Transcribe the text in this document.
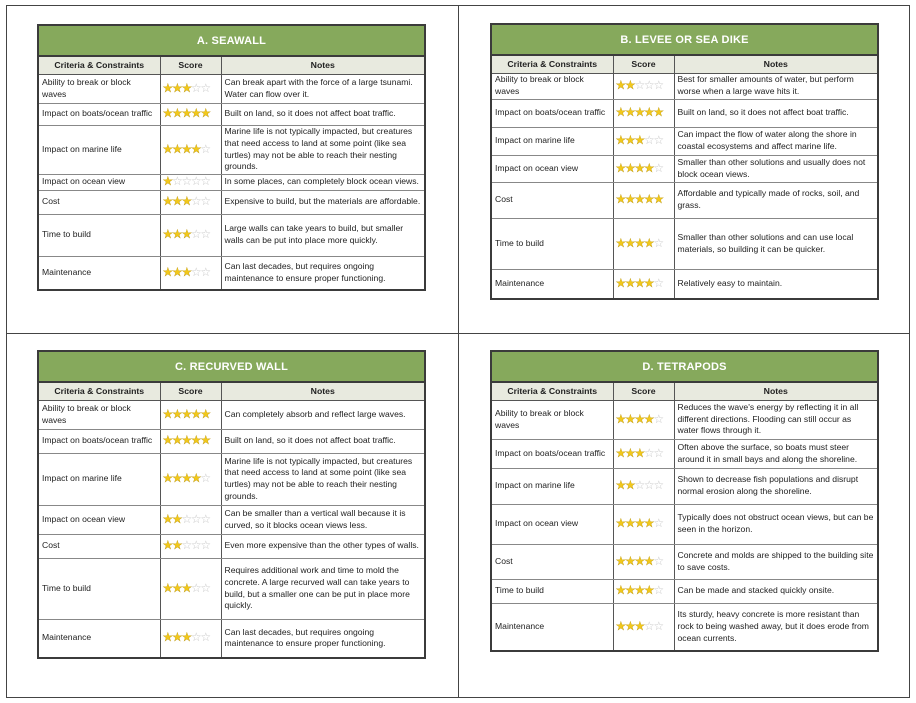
A. SEAWALL
Criteria & Constraints	Score	Notes
Ability to break or block waves	★★★☆☆	Can break apart with the force of a large tsunami. Water can flow over it.
Impact on boats/ocean traffic	★★★★★	Built on land, so it does not affect boat traffic.
Impact on marine life	★★★★☆	Marine life is not typically impacted, but creatures that need access to land at some point (like sea turtles) may not be able to reach their nesting grounds.
Impact on ocean view	★☆☆☆☆	In some places, can completely block ocean views.
Cost	★★★☆☆	Expensive to build, but the materials are affordable.
Time to build	★★★☆☆	Large walls can take years to build, but smaller walls can be put into place more quickly.
Maintenance	★★★☆☆	Can last decades, but requires ongoing maintenance to ensure proper functioning.
B. LEVEE OR SEA DIKE
Criteria & Constraints	Score	Notes
Ability to break or block waves	★★☆☆☆	Best for smaller amounts of water, but perform worse when a large wave hits it.
Impact on boats/ocean traffic	★★★★★	Built on land, so it does not affect boat traffic.
Impact on marine life	★★★☆☆	Can impact the flow of water along the shore in coastal ecosystems and affect marine life.
Impact on ocean view	★★★★☆	Smaller than other solutions and usually does not block ocean views.
Cost	★★★★★	Affordable and typically made of rocks, soil, and grass.
Time to build	★★★★☆	Smaller than other solutions and can use local materials, so building it can be quicker.
Maintenance	★★★★☆	Relatively easy to maintain.
C. RECURVED WALL
Criteria & Constraints	Score	Notes
Ability to break or block waves	★★★★★	Can completely absorb and reflect large waves.
Impact on boats/ocean traffic	★★★★★	Built on land, so it does not affect boat traffic.
Impact on marine life	★★★★☆	Marine life is not typically impacted, but creatures that need access to land at some point (like sea turtles) may not be able to reach their nesting grounds.
Impact on ocean view	★★☆☆☆	Can be smaller than a vertical wall because it is curved, so it blocks ocean views less.
Cost	★★☆☆☆	Even more expensive than the other types of walls.
Time to build	★★★☆☆	Requires additional work and time to mold the concrete. A large recurved wall can take years to build, but a smaller one can be put in place more quickly.
Maintenance	★★★☆☆	Can last decades, but requires ongoing maintenance to ensure proper functioning.
D. TETRAPODS
Criteria & Constraints	Score	Notes
Ability to break or block waves	★★★★☆	Reduces the wave's energy by reflecting it in all different directions. Flooding can still occur as water flows through it.
Impact on boats/ocean traffic	★★★☆☆	Often above the surface, so boats must steer around it in small bays and along the shoreline.
Impact on marine life	★★☆☆☆	Shown to decrease fish populations and disrupt normal erosion along the shoreline.
Impact on ocean view	★★★★☆	Typically does not obstruct ocean views, but can be seen in the horizon.
Cost	★★★★☆	Concrete and molds are shipped to the building site to save costs.
Time to build	★★★★☆	Can be made and stacked quickly onsite.
Maintenance	★★★☆☆	Its sturdy, heavy concrete is more resistant than rock to being washed away, but it does erode from ocean currents.
